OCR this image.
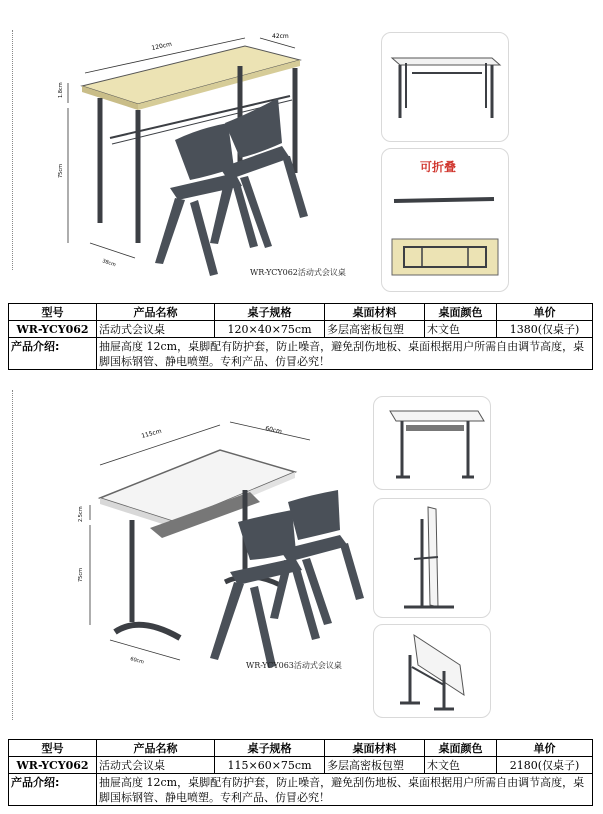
120cm
42cm
1.8cm
75cm
38cm
WR-YCY062活动式会议桌
可折叠
型号	产品名称	桌子规格	桌面材料	桌面颜色	单价
WR-YCY062	活动式会议桌	120×40×75cm	多层高密板包塑	木文色	1380(仅桌子)
产品介绍:	抽屉高度 12cm，桌脚配有防护套，防止噪音，避免刮伤地板、桌面根据用户所需自由调节高度，桌脚国标钢管、静电喷塑。专利产品、仿冒必究！				
115cm	60cm
2.5cm
75cm
60cm	WR-YCY063活动式会议桌
型号	产品名称	桌子规格	桌面材料	桌面颜色	单价
WR-YCY062	活动式会议桌	115×60×75cm	多层高密板包塑	木文色	2180(仅桌子)
产品介绍:	抽屉高度 12cm，桌脚配有防护套，防止噪音，避免刮伤地板、桌面根据用户所需自由调节高度，桌脚国标钢管、静电喷塑。专利产品、仿冒必究！				
